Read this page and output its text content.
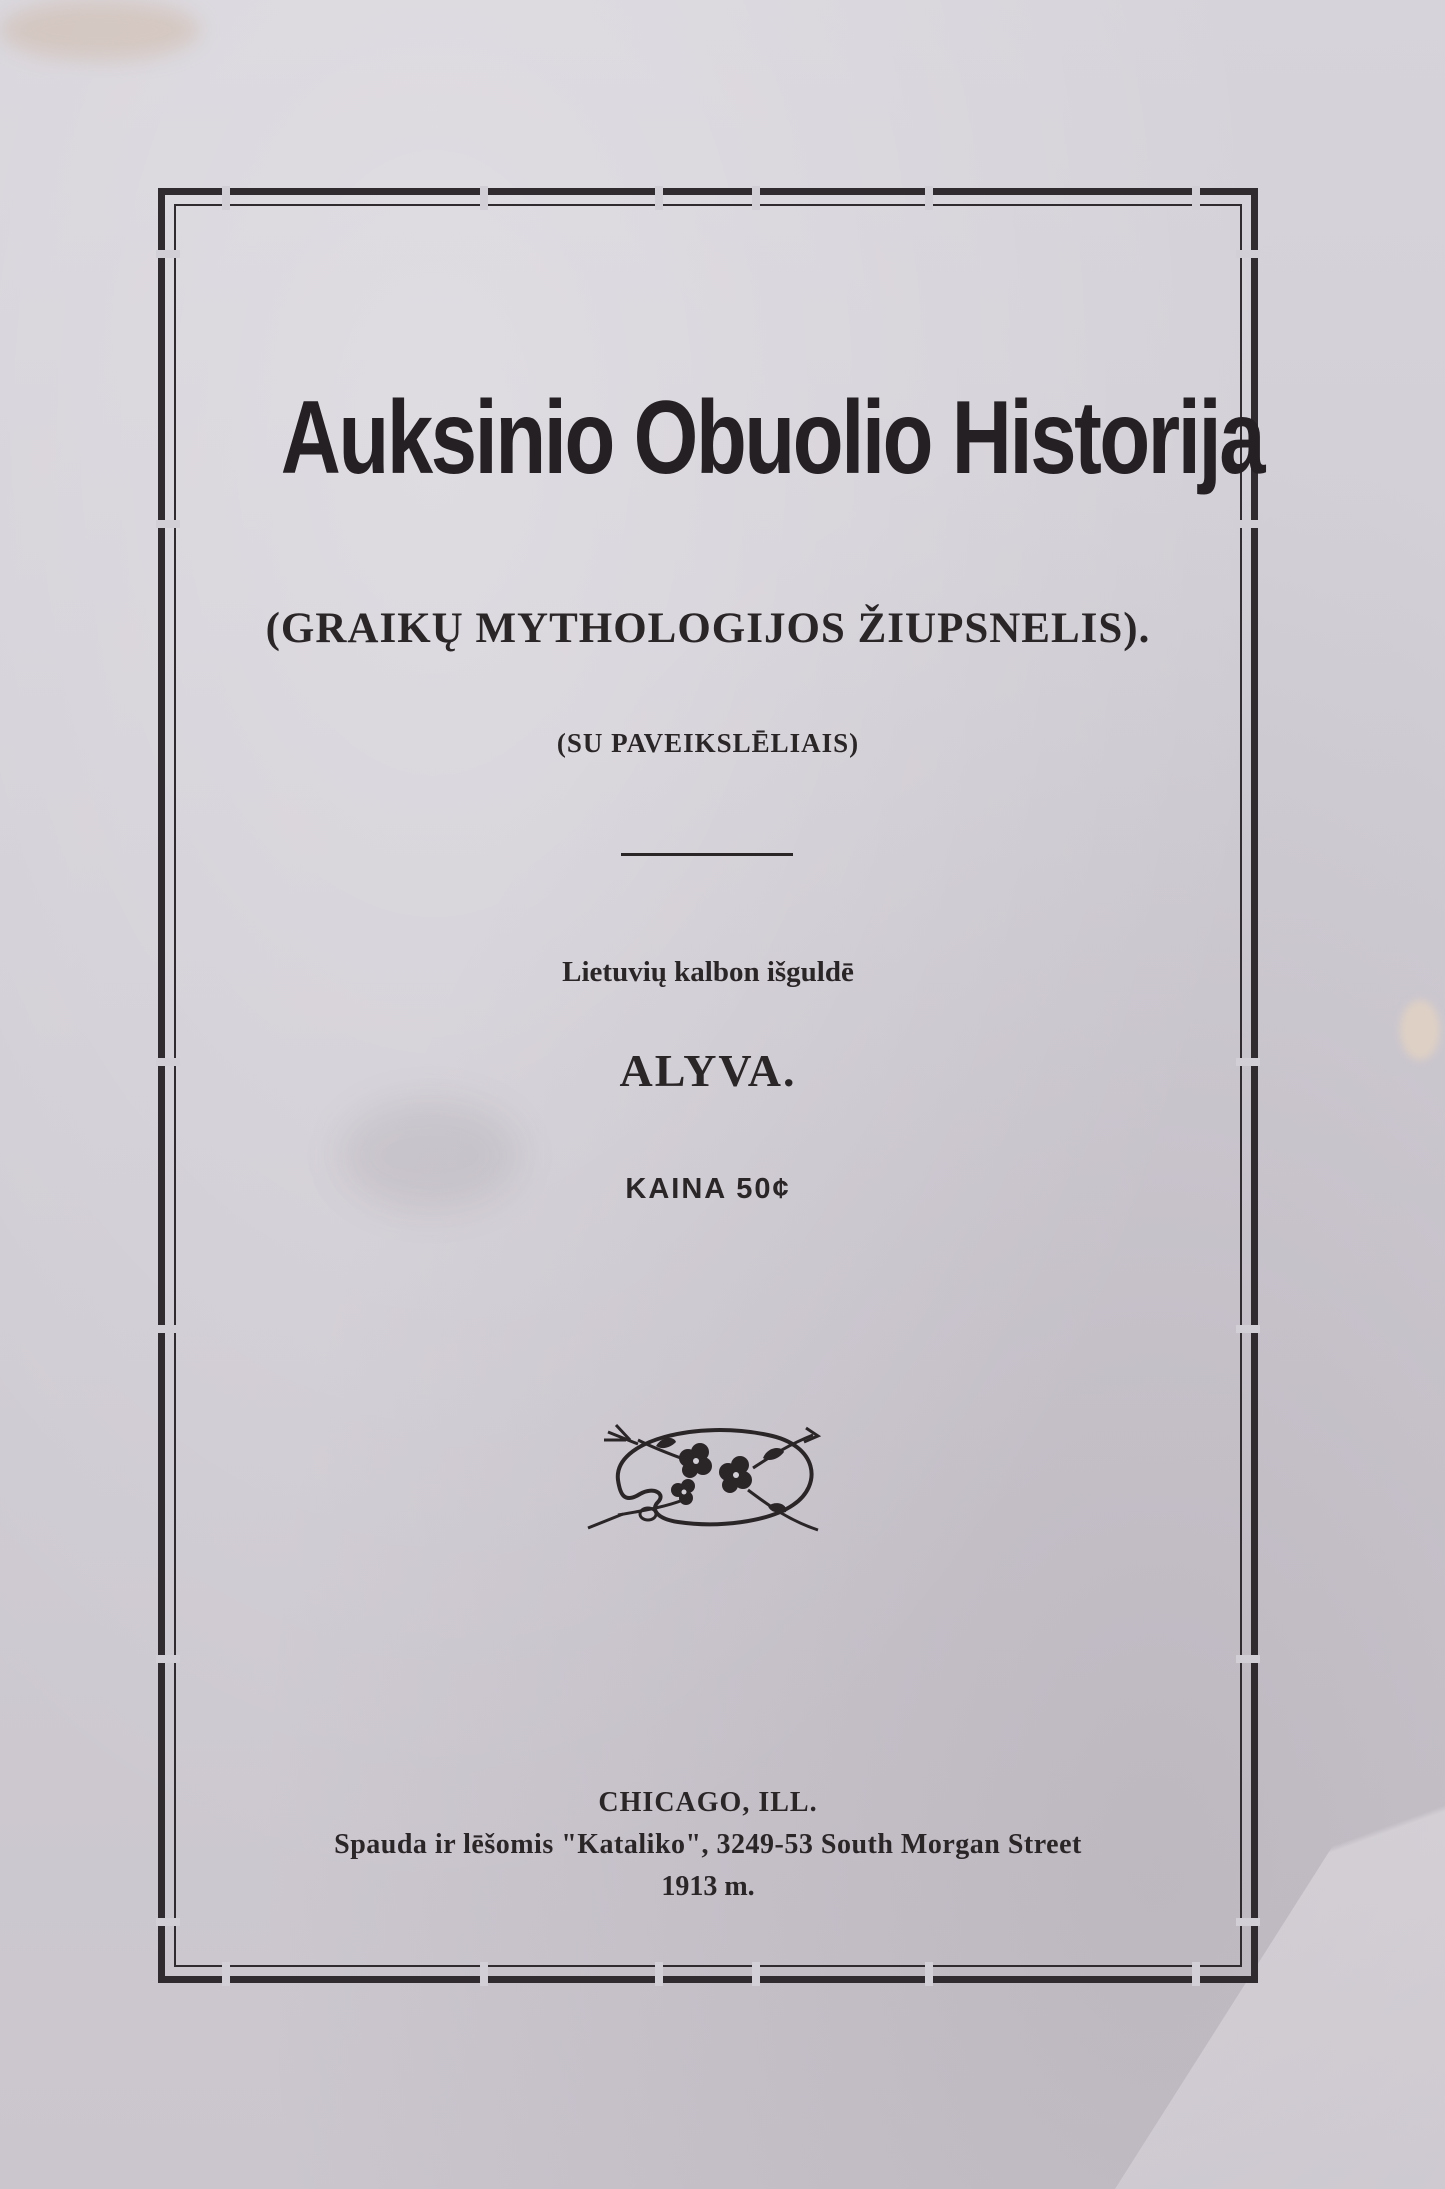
Auksinio Obuolio Historija
(GRAIKŲ MYTHOLOGIJOS ŽIUPSNELIS).
(SU PAVEIKSLĒLIAIS)
Lietuvių kalbon išguldē
ALYVA.
KAINA 50¢
CHICAGO, ILL.
Spauda ir lēšomis "Kataliko", 3249-53 South Morgan Street
1913 m.
